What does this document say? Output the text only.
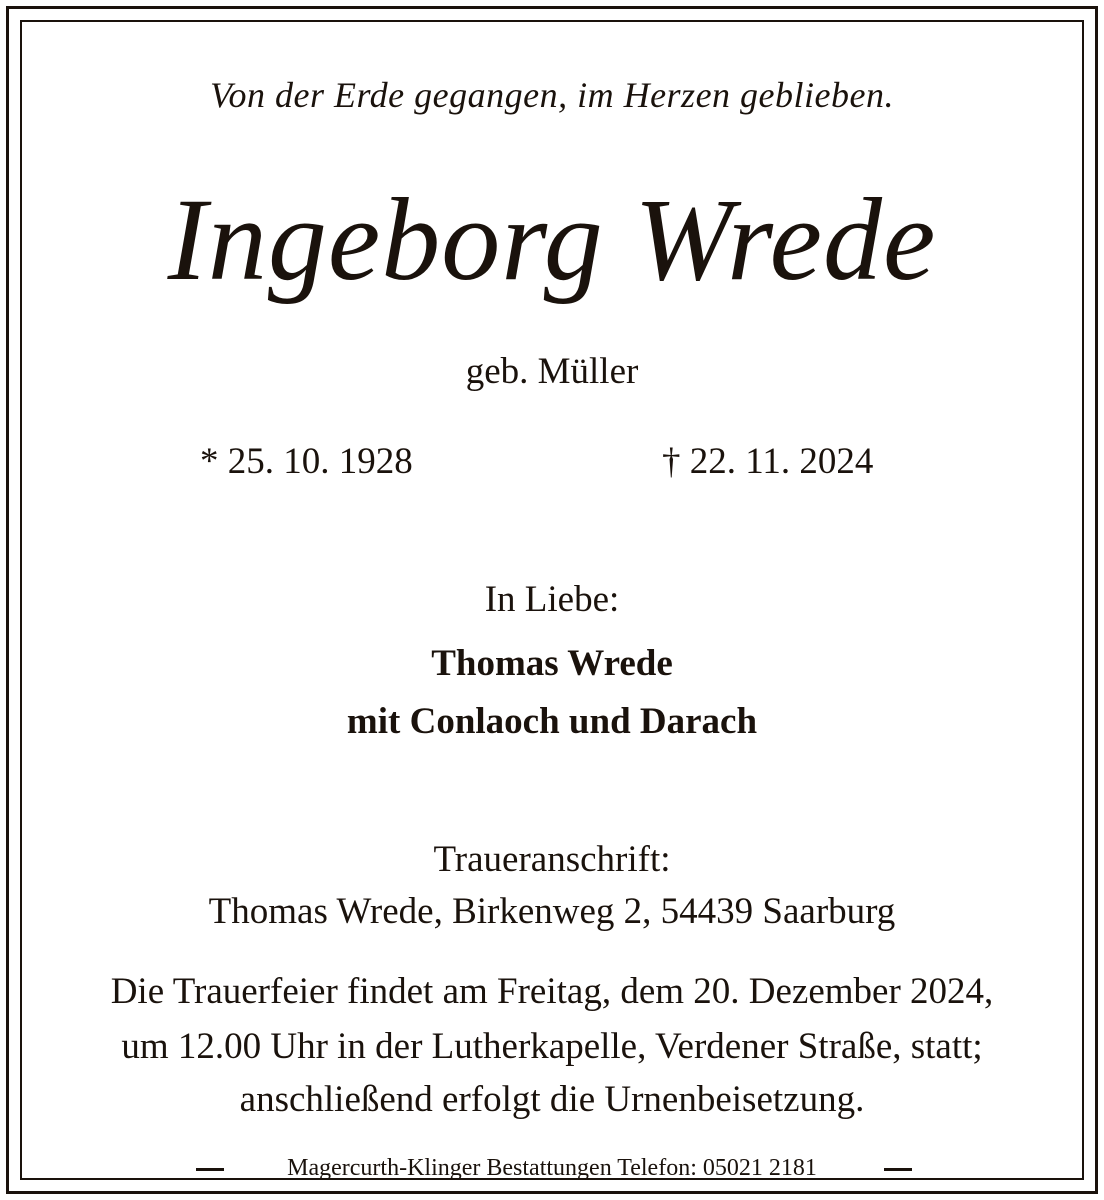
Von der Erde gegangen, im Herzen geblieben.
Ingeborg Wrede
geb. Müller
* 25. 10. 1928	† 22. 11. 2024
In Liebe:
Thomas Wrede
mit Conlaoch und Darach
Traueranschrift:
Thomas Wrede, Birkenweg 2, 54439 Saarburg
Die Trauerfeier findet am Freitag, dem 20. Dezember 2024,
um 12.00 Uhr in der Lutherkapelle, Verdener Straße, statt;
anschließend erfolgt die Urnenbeisetzung.
Magercurth-Klinger Bestattungen Telefon: 05021 2181
